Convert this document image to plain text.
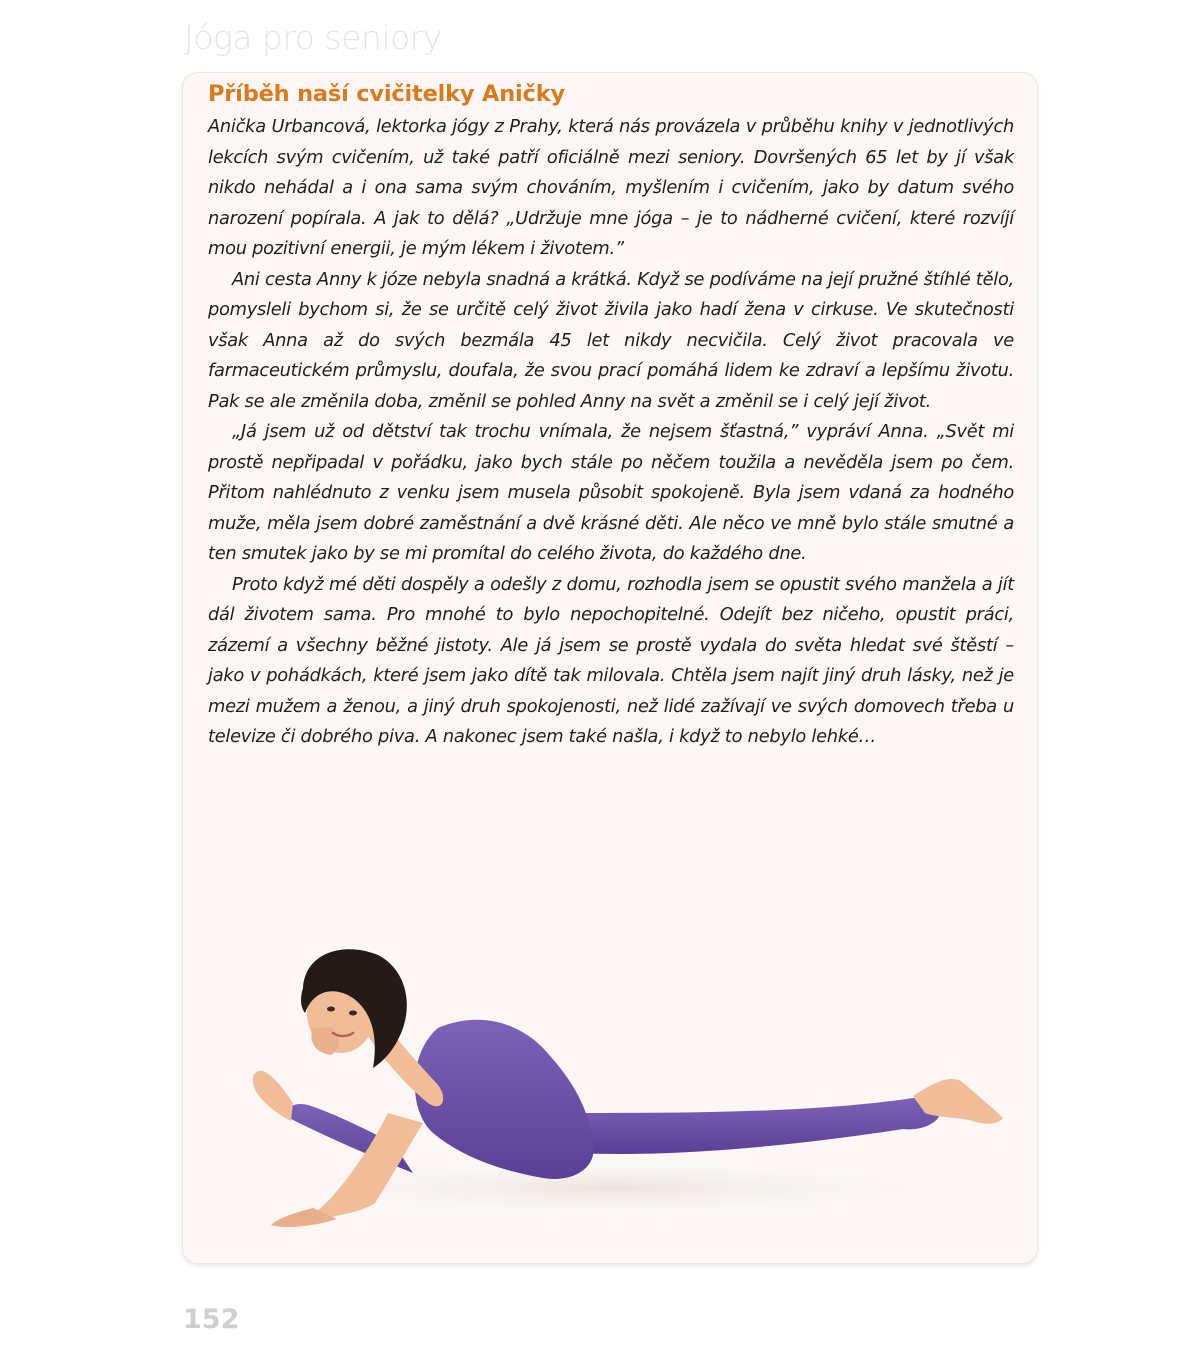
Jóga pro seniory
Příběh naší cvičitelky Aničky

Anička Urbancová, lektorka jógy z Prahy, která nás provázela v průběhu knihy v jednotlivých lekcích svým cvičením, už také patří oficiálně mezi seniory. Dovršených 65 let by jí však nikdo nehádal a i ona sama svým chováním, myšlením i cvičením, jako by datum svého narození popírala. A jak to dělá? „Udržuje mne jóga – je to nádherné cvičení, které rozvíjí mou pozitivní energii, je mým lékem i životem.”

Ani cesta Anny k józe nebyla snadná a krátká. Když se podíváme na její pružné štíhlé tělo, pomysleli bychom si, že se určitě celý život živila jako hadí žena v cirkuse. Ve skutečnosti však Anna až do svých bezmála 45 let nikdy necvičila. Celý život pracovala ve farmaceutickém průmyslu, doufala, že svou prací pomáhá lidem ke zdraví a lepšímu životu. Pak se ale změnila doba, změnil se pohled Anny na svět a změnil se i celý její život.

„Já jsem už od dětství tak trochu vnímala, že nejsem šťastná,” vypráví Anna. „Svět mi prostě nepřipadal v pořádku, jako bych stále po něčem toužila a nevěděla jsem po čem. Přitom nahlédnuto z venku jsem musela působit spokojeně. Byla jsem vdaná za hodného muže, měla jsem dobré zaměstnání a dvě krásné děti. Ale něco ve mně bylo stále smutné a ten smutek jako by se mi promítal do celého života, do každého dne.

Proto když mé děti dospěly a odešly z domu, rozhodla jsem se opustit svého manžela a jít dál životem sama. Pro mnohé to bylo nepochopitelné. Odejít bez ničeho, opustit práci, zázemí a všechny běžné jistoty. Ale já jsem se prostě vydala do světa hledat své štěstí – jako v pohádkách, které jsem jako dítě tak milovala. Chtěla jsem najít jiný druh lásky, než je mezi mužem a ženou, a jiný druh spokojenosti, než lidé zažívají ve svých domovech třeba u televize či dobrého piva. A nakonec jsem také našla, i když to nebylo lehké…

152
